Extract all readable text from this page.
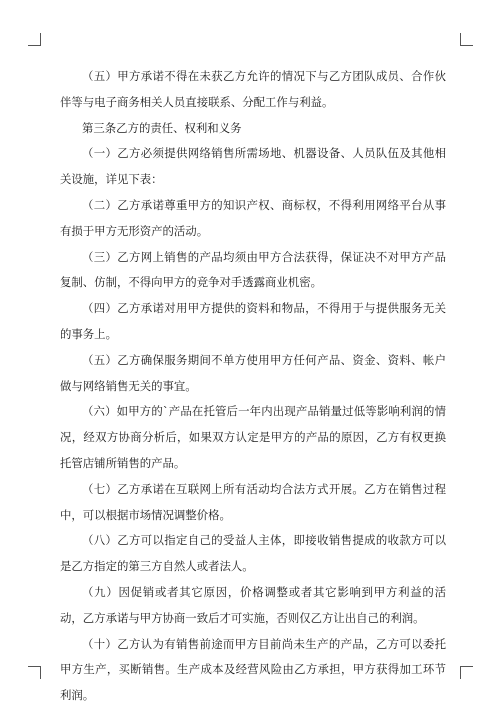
（五）甲方承诺不得在未获乙方允许的情况下与乙方团队成员、合作伙伴等与电子商务相关人员直接联系、分配工作与利益。

第三条乙方的责任、权利和义务

（一）乙方必须提供网络销售所需场地、机器设备、人员队伍及其他相关设施，详见下表：

（二）乙方承诺尊重甲方的知识产权、商标权，不得利用网络平台从事有损于甲方无形资产的活动。

（三）乙方网上销售的产品均须由甲方合法获得，保证决不对甲方产品复制、仿制，不得向甲方的竞争对手透露商业机密。

（四）乙方承诺对用甲方提供的资料和物品，不得用于与提供服务无关的事务上。

（五）乙方确保服务期间不单方使用甲方任何产品、资金、资料、帐户做与网络销售无关的事宜。

（六）如甲方的`产品在托管后一年内出现产品销量过低等影响利润的情况，经双方协商分析后，如果双方认定是甲方的产品的原因，乙方有权更换托管店铺所销售的产品。

（七）乙方承诺在互联网上所有活动均合法方式开展。乙方在销售过程中，可以根据市场情况调整价格。

（八）乙方可以指定自己的受益人主体，即接收销售提成的收款方可以是乙方指定的第三方自然人或者法人。

（九）因促销或者其它原因，价格调整或者其它影响到甲方利益的活动，乙方承诺与甲方协商一致后才可实施，否则仅乙方让出自己的利润。

（十）乙方认为有销售前途而甲方目前尚未生产的产品，乙方可以委托甲方生产，买断销售。生产成本及经营风险由乙方承担，甲方获得加工环节利润。
